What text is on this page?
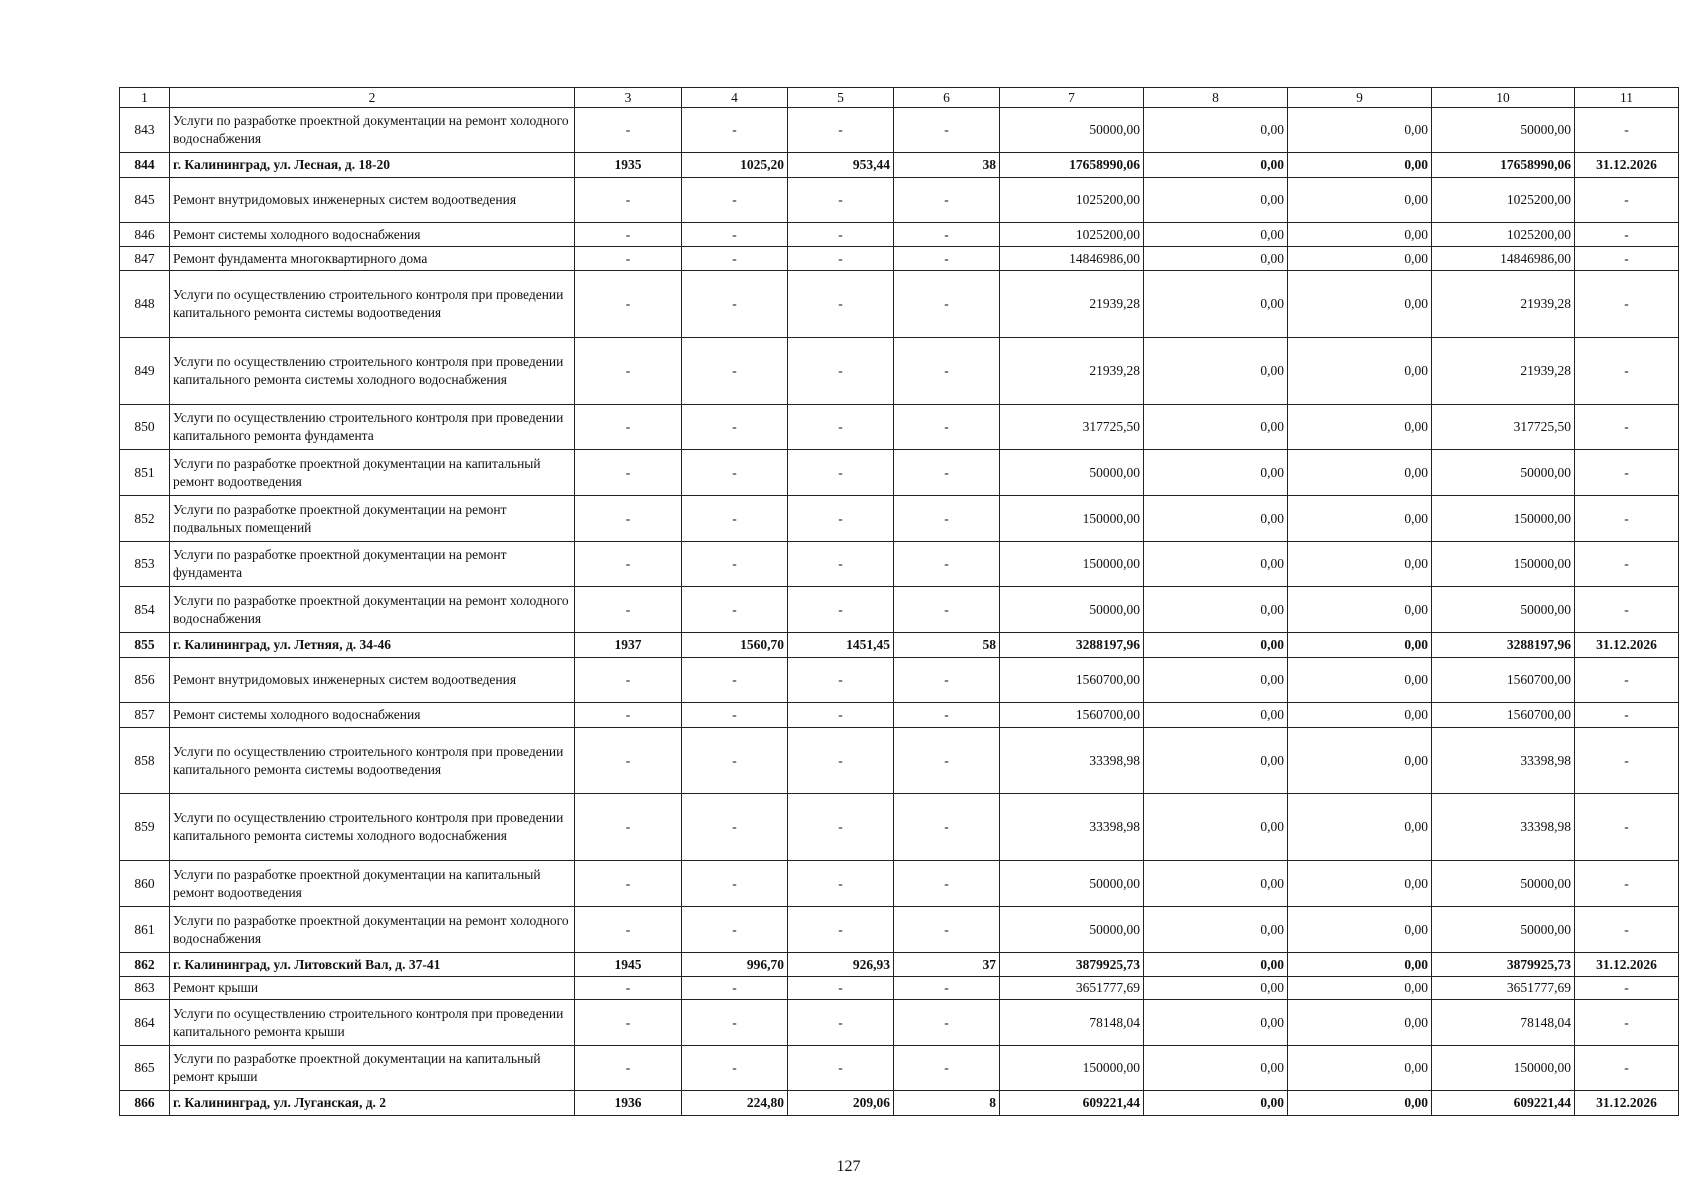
1	2	3	4	5	6	7	8	9	10	11
843	Услуги по разработке проектной документации на ремонт холодного водоснабжения	-	-	-	-	50000,00	0,00	0,00	50000,00	-
844	г. Калининград, ул. Лесная, д. 18-20	1935	1025,20	953,44	38	17658990,06	0,00	0,00	17658990,06	31.12.2026
845	Ремонт внутридомовых инженерных систем водоотведения	-	-	-	-	1025200,00	0,00	0,00	1025200,00	-
846	Ремонт системы холодного водоснабжения	-	-	-	-	1025200,00	0,00	0,00	1025200,00	-
847	Ремонт фундамента многоквартирного дома	-	-	-	-	14846986,00	0,00	0,00	14846986,00	-
848	Услуги по осуществлению строительного контроля при проведении капитального ремонта системы водоотведения	-	-	-	-	21939,28	0,00	0,00	21939,28	-
849	Услуги по осуществлению строительного контроля при проведении капитального ремонта системы холодного водоснабжения	-	-	-	-	21939,28	0,00	0,00	21939,28	-
850	Услуги по осуществлению строительного контроля при проведении капитального ремонта фундамента	-	-	-	-	317725,50	0,00	0,00	317725,50	-
851	Услуги по разработке проектной документации на капитальный ремонт водоотведения	-	-	-	-	50000,00	0,00	0,00	50000,00	-
852	Услуги по разработке проектной документации на ремонт подвальных помещений	-	-	-	-	150000,00	0,00	0,00	150000,00	-
853	Услуги по разработке проектной документации на ремонт фундамента	-	-	-	-	150000,00	0,00	0,00	150000,00	-
854	Услуги по разработке проектной документации на ремонт холодного водоснабжения	-	-	-	-	50000,00	0,00	0,00	50000,00	-
855	г. Калининград, ул. Летняя, д. 34-46	1937	1560,70	1451,45	58	3288197,96	0,00	0,00	3288197,96	31.12.2026
856	Ремонт внутридомовых инженерных систем водоотведения	-	-	-	-	1560700,00	0,00	0,00	1560700,00	-
857	Ремонт системы холодного водоснабжения	-	-	-	-	1560700,00	0,00	0,00	1560700,00	-
858	Услуги по осуществлению строительного контроля при проведении капитального ремонта системы водоотведения	-	-	-	-	33398,98	0,00	0,00	33398,98	-
859	Услуги по осуществлению строительного контроля при проведении капитального ремонта системы холодного водоснабжения	-	-	-	-	33398,98	0,00	0,00	33398,98	-
860	Услуги по разработке проектной документации на капитальный ремонт водоотведения	-	-	-	-	50000,00	0,00	0,00	50000,00	-
861	Услуги по разработке проектной документации на ремонт холодного водоснабжения	-	-	-	-	50000,00	0,00	0,00	50000,00	-
862	г. Калининград, ул. Литовский Вал, д. 37-41	1945	996,70	926,93	37	3879925,73	0,00	0,00	3879925,73	31.12.2026
863	Ремонт крыши	-	-	-	-	3651777,69	0,00	0,00	3651777,69	-
864	Услуги по осуществлению строительного контроля при проведении капитального ремонта крыши	-	-	-	-	78148,04	0,00	0,00	78148,04	-
865	Услуги по разработке проектной документации на капитальный ремонт крыши	-	-	-	-	150000,00	0,00	0,00	150000,00	-
866	г. Калининград, ул. Луганская, д. 2	1936	224,80	209,06	8	609221,44	0,00	0,00	609221,44	31.12.2026
127
